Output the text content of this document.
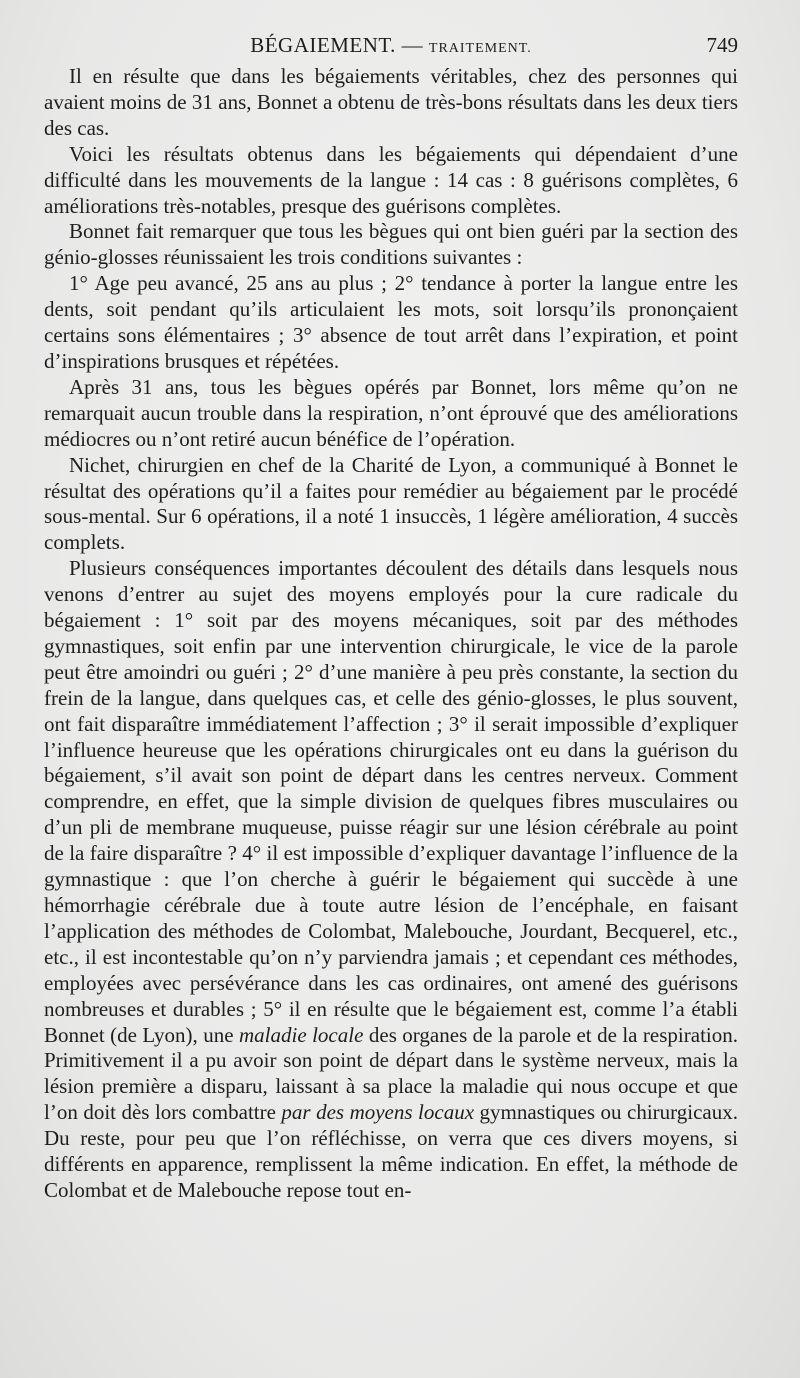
BÉGAIEMENT. — TRAITEMENT.	749

Il en résulte que dans les bégaiements véritables, chez des personnes qui avaient moins de 31 ans, Bonnet a obtenu de très-bons résultats dans les deux tiers des cas.

Voici les résultats obtenus dans les bégaiements qui dépendaient d’une difficulté dans les mouvements de la langue : 14 cas : 8 guérisons complètes, 6 améliorations très-notables, presque des guérisons complètes.

Bonnet fait remarquer que tous les bègues qui ont bien guéri par la section des génio-glosses réunissaient les trois conditions suivantes :

1° Age peu avancé, 25 ans au plus ; 2° tendance à porter la langue entre les dents, soit pendant qu’ils articulaient les mots, soit lorsqu’ils prononçaient certains sons élémentaires ; 3° absence de tout arrêt dans l’expiration, et point d’inspirations brusques et répétées.

Après 31 ans, tous les bègues opérés par Bonnet, lors même qu’on ne remarquait aucun trouble dans la respiration, n’ont éprouvé que des améliorations médiocres ou n’ont retiré aucun bénéfice de l’opération.

Nichet, chirurgien en chef de la Charité de Lyon, a communiqué à Bonnet le résultat des opérations qu’il a faites pour remédier au bégaiement par le procédé sous-mental. Sur 6 opérations, il a noté 1 insuccès, 1 légère amélioration, 4 succès complets.

Plusieurs conséquences importantes découlent des détails dans lesquels nous venons d’entrer au sujet des moyens employés pour la cure radicale du bégaiement : 1° soit par des moyens mécaniques, soit par des méthodes gymnastiques, soit enfin par une intervention chirurgicale, le vice de la parole peut être amoindri ou guéri ; 2° d’une manière à peu près constante, la section du frein de la langue, dans quelques cas, et celle des génio-glosses, le plus souvent, ont fait disparaître immédiatement l’affection ; 3° il serait impossible d’expliquer l’influence heureuse que les opérations chirurgicales ont eu dans la guérison du bégaiement, s’il avait son point de départ dans les centres nerveux. Comment comprendre, en effet, que la simple division de quelques fibres musculaires ou d’un pli de membrane muqueuse, puisse réagir sur une lésion cérébrale au point de la faire disparaître ? 4° il est impossible d’expliquer davantage l’influence de la gymnastique : que l’on cherche à guérir le bégaiement qui succède à une hémorrhagie cérébrale due à toute autre lésion de l’encéphale, en faisant l’application des méthodes de Colombat, Malebouche, Jourdant, Becquerel, etc., etc., il est incontestable qu’on n’y parviendra jamais ; et cependant ces méthodes, employées avec persévérance dans les cas ordinaires, ont amené des guérisons nombreuses et durables ; 5° il en résulte que le bégaiement est, comme l’a établi Bonnet (de Lyon), une maladie locale des organes de la parole et de la respiration. Primitivement il a pu avoir son point de départ dans le système nerveux, mais la lésion première a disparu, laissant à sa place la maladie qui nous occupe et que l’on doit dès lors combattre par des moyens locaux gymnastiques ou chirurgicaux. Du reste, pour peu que l’on réfléchisse, on verra que ces divers moyens, si différents en apparence, remplissent la même indication. En effet, la méthode de Colombat et de Malebouche repose tout en-
